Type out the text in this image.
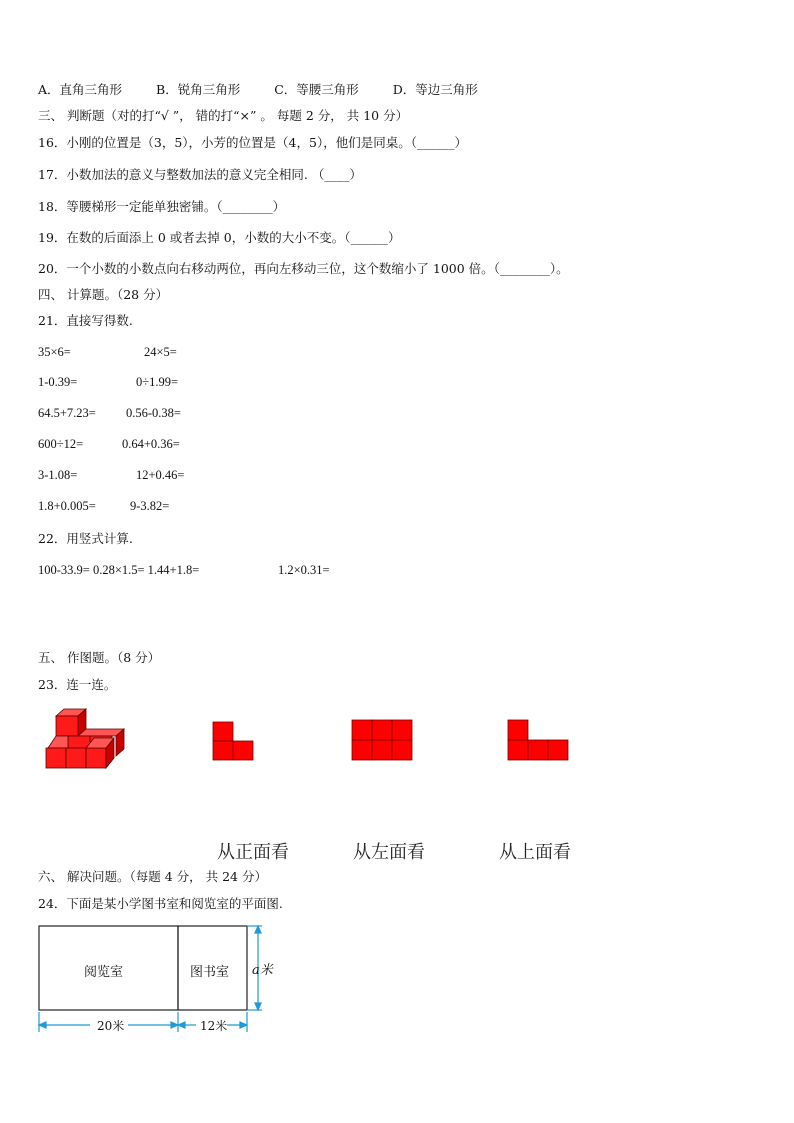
A．直角三角形	B．锐角三角形	C．等腰三角形	D．等边三角形
三、 判断题（对的打“√ ”， 错的打“×” 。 每题 2 分， 共 10 分）
16．小刚的位置是（3，5），小芳的位置是（4，5），他们是同桌。（______）
17．小数加法的意义与整数加法的意义完全相同. （____）
18．等腰梯形一定能单独密铺。（________）
19．在数的后面添上 0 或者去掉 0，小数的大小不变。（______）
20．一个小数的小数点向右移动两位，再向左移动三位，这个数缩小了 1000 倍。（________）。
四、 计算题。（28 分）
21．直接写得数.
35×6=	24×5=
1-0.39=	0÷1.99=
64.5+7.23= 0.56-0.38=
600÷12=	0.64+0.36=
3-1.08=	12+0.46=
1.8+0.005=	9-3.82=
22．用竖式计算.
100-33.9= 0.28×1.5= 1.44+1.8=	1.2×0.31=
五、 作图题。（8 分）
23．连一连。
从正面看	从左面看	从上面看
六、 解决问题。（每题 4 分， 共 24 分）
24．下面是某小学图书室和阅览室的平面图.
阅览室	图书室 a米
20米	12米
